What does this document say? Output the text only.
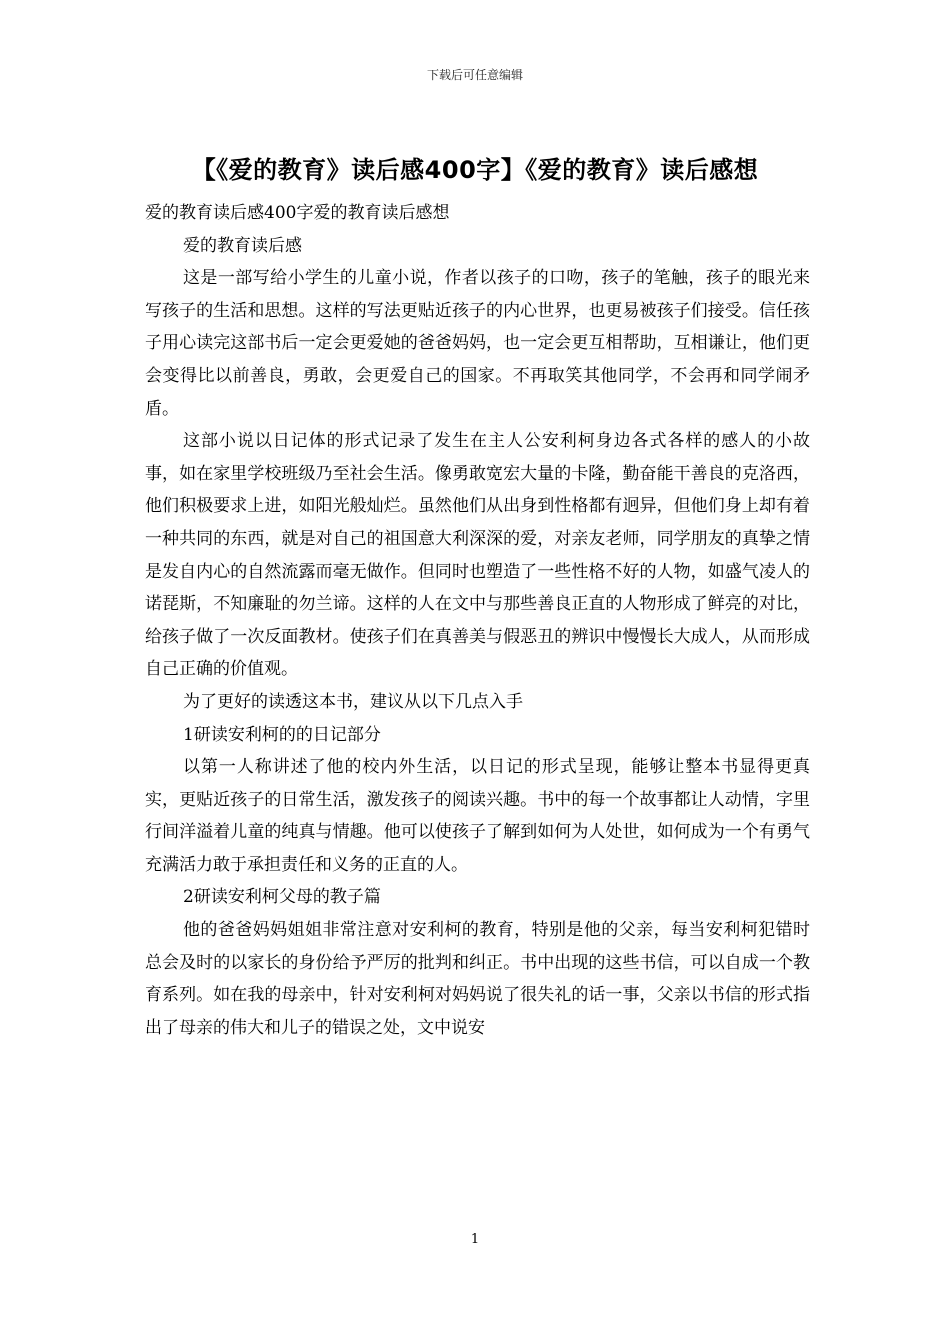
下载后可任意编辑
【《爱的教育》读后感400字】《爱的教育》读后感想

爱的教育读后感400字爱的教育读后感想

爱的教育读后感

这是一部写给小学生的儿童小说，作者以孩子的口吻，孩子的笔触，孩子的眼光来写孩子的生活和思想。这样的写法更贴近孩子的内心世界，也更易被孩子们接受。信任孩子用心读完这部书后一定会更爱她的爸爸妈妈，也一定会更互相帮助，互相谦让，他们更会变得比以前善良，勇敢，会更爱自己的国家。不再取笑其他同学，不会再和同学闹矛盾。

这部小说以日记体的形式记录了发生在主人公安利柯身边各式各样的感人的小故事，如在家里学校班级乃至社会生活。像勇敢宽宏大量的卡隆，勤奋能干善良的克洛西，他们积极要求上进，如阳光般灿烂。虽然他们从出身到性格都有迥异，但他们身上却有着一种共同的东西，就是对自己的祖国意大利深深的爱，对亲友老师，同学朋友的真挚之情是发自内心的自然流露而毫无做作。但同时也塑造了一些性格不好的人物，如盛气凌人的诺琵斯，不知廉耻的勿兰谛。这样的人在文中与那些善良正直的人物形成了鲜亮的对比，给孩子做了一次反面教材。使孩子们在真善美与假恶丑的辨识中慢慢长大成人，从而形成自己正确的价值观。

为了更好的读透这本书，建议从以下几点入手

1研读安利柯的的日记部分

以第一人称讲述了他的校内外生活，以日记的形式呈现，能够让整本书显得更真实，更贴近孩子的日常生活，激发孩子的阅读兴趣。书中的每一个故事都让人动情，字里行间洋溢着儿童的纯真与情趣。他可以使孩子了解到如何为人处世，如何成为一个有勇气充满活力敢于承担责任和义务的正直的人。

2研读安利柯父母的教子篇

他的爸爸妈妈姐姐非常注意对安利柯的教育，特别是他的父亲，每当安利柯犯错时总会及时的以家长的身份给予严厉的批判和纠正。书中出现的这些书信，可以自成一个教育系列。如在我的母亲中，针对安利柯对妈妈说了很失礼的话一事，父亲以书信的形式指出了母亲的伟大和儿子的错误之处，文中说安

1
